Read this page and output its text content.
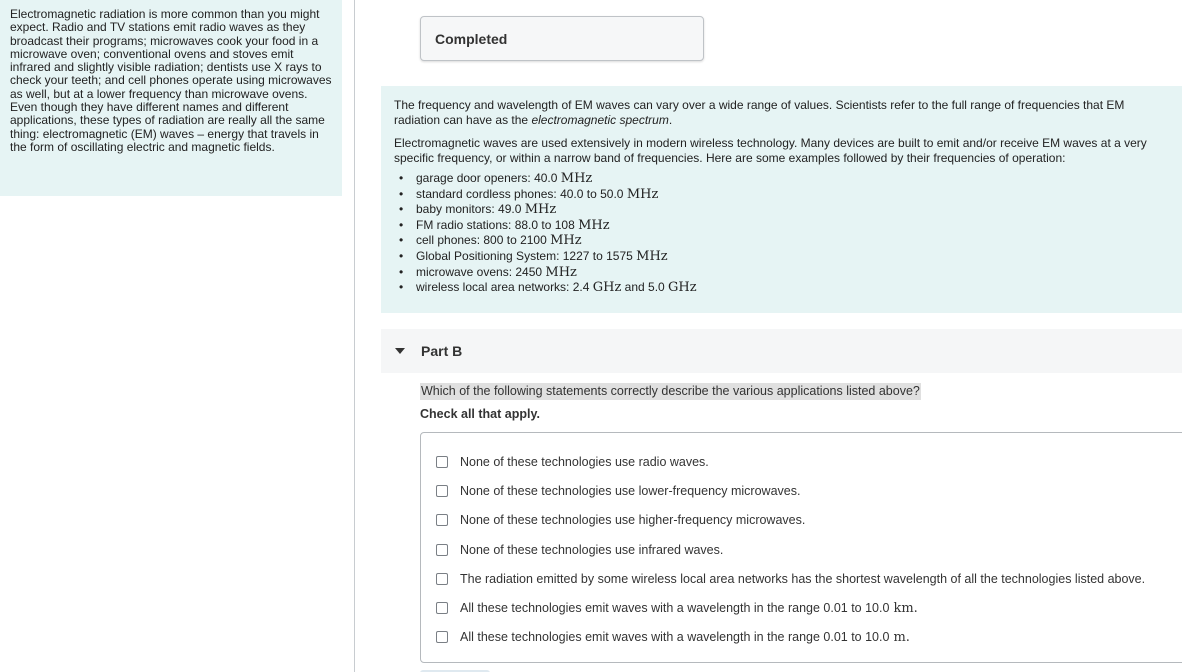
Electromagnetic radiation is more common than you might expect. Radio and TV stations emit radio waves as they broadcast their programs; microwaves cook your food in a microwave oven; conventional ovens and stoves emit infrared and slightly visible radiation; dentists use X rays to check your teeth; and cell phones operate using microwaves as well, but at a lower frequency than microwave ovens. Even though they have different names and different applications, these types of radiation are really all the same thing: electromagnetic (EM) waves – energy that travels in the form of oscillating electric and magnetic fields.
Completed

The frequency and wavelength of EM waves can vary over a wide range of values. Scientists refer to the full range of frequencies that EM radiation can have as the electromagnetic spectrum.

Electromagnetic waves are used extensively in modern wireless technology. Many devices are built to emit and/or receive EM waves at a very specific frequency, or within a narrow band of frequencies. Here are some examples followed by their frequencies of operation:

• garage door openers: 40.0 MHz
• standard cordless phones: 40.0 to 50.0 MHz
• baby monitors: 49.0 MHz
• FM radio stations: 88.0 to 108 MHz
• cell phones: 800 to 2100 MHz
• Global Positioning System: 1227 to 1575 MHz
• microwave ovens: 2450 MHz
• wireless local area networks: 2.4 GHz and 5.0 GHz
Part B
Which of the following statements correctly describe the various applications listed above?
Check all that apply.
None of these technologies use radio waves.
None of these technologies use lower-frequency microwaves.
None of these technologies use higher-frequency microwaves.
None of these technologies use infrared waves.
The radiation emitted by some wireless local area networks has the shortest wavelength of all the technologies listed above.
All these technologies emit waves with a wavelength in the range 0.01 to 10.0 km.
All these technologies emit waves with a wavelength in the range 0.01 to 10.0 m.
